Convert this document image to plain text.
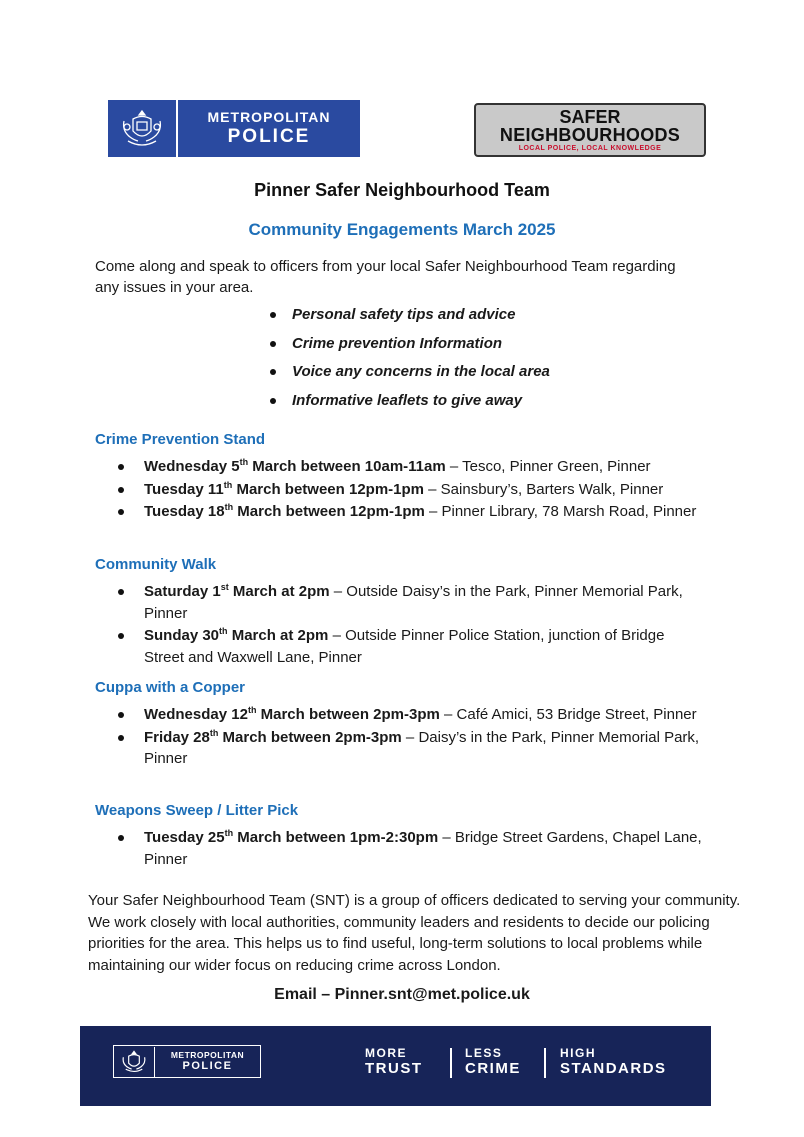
METROPOLITAN
POLICE
SAFER
NEIGHBOURHOODS
LOCAL POLICE, LOCAL KNOWLEDGE
Pinner Safer Neighbourhood Team
Community Engagements March 2025
Come along and speak to officers from your local Safer Neighbourhood Team regarding any issues in your area.
Personal safety tips and advice
Crime prevention Information
Voice any concerns in the local area
Informative leaflets to give away
Crime Prevention Stand
Wednesday 5th March between 10am-11am – Tesco, Pinner Green, Pinner
Tuesday 11th March between 12pm-1pm – Sainsbury’s, Barters Walk, Pinner
Tuesday 18th March between 12pm-1pm – Pinner Library, 78 Marsh Road, Pinner
Community Walk
Saturday 1st March at 2pm – Outside Daisy’s in the Park, Pinner Memorial Park, Pinner
Sunday 30th March at 2pm – Outside Pinner Police Station, junction of Bridge Street and Waxwell Lane, Pinner
Cuppa with a Copper
Wednesday 12th March between 2pm-3pm – Café Amici, 53 Bridge Street, Pinner
Friday 28th March between 2pm-3pm – Daisy’s in the Park, Pinner Memorial Park, Pinner
Weapons Sweep / Litter Pick
Tuesday 25th March between 1pm-2:30pm – Bridge Street Gardens, Chapel Lane, Pinner
Your Safer Neighbourhood Team (SNT) is a group of officers dedicated to serving your community. We work closely with local authorities, community leaders and residents to decide our policing priorities for the area. This helps us to find useful, long-term solutions to local problems while maintaining our wider focus on reducing crime across London.
Email – Pinner.snt@met.police.uk
METROPOLITAN
POLICE
MORE
TRUST
LESS
CRIME
HIGH
STANDARDS
